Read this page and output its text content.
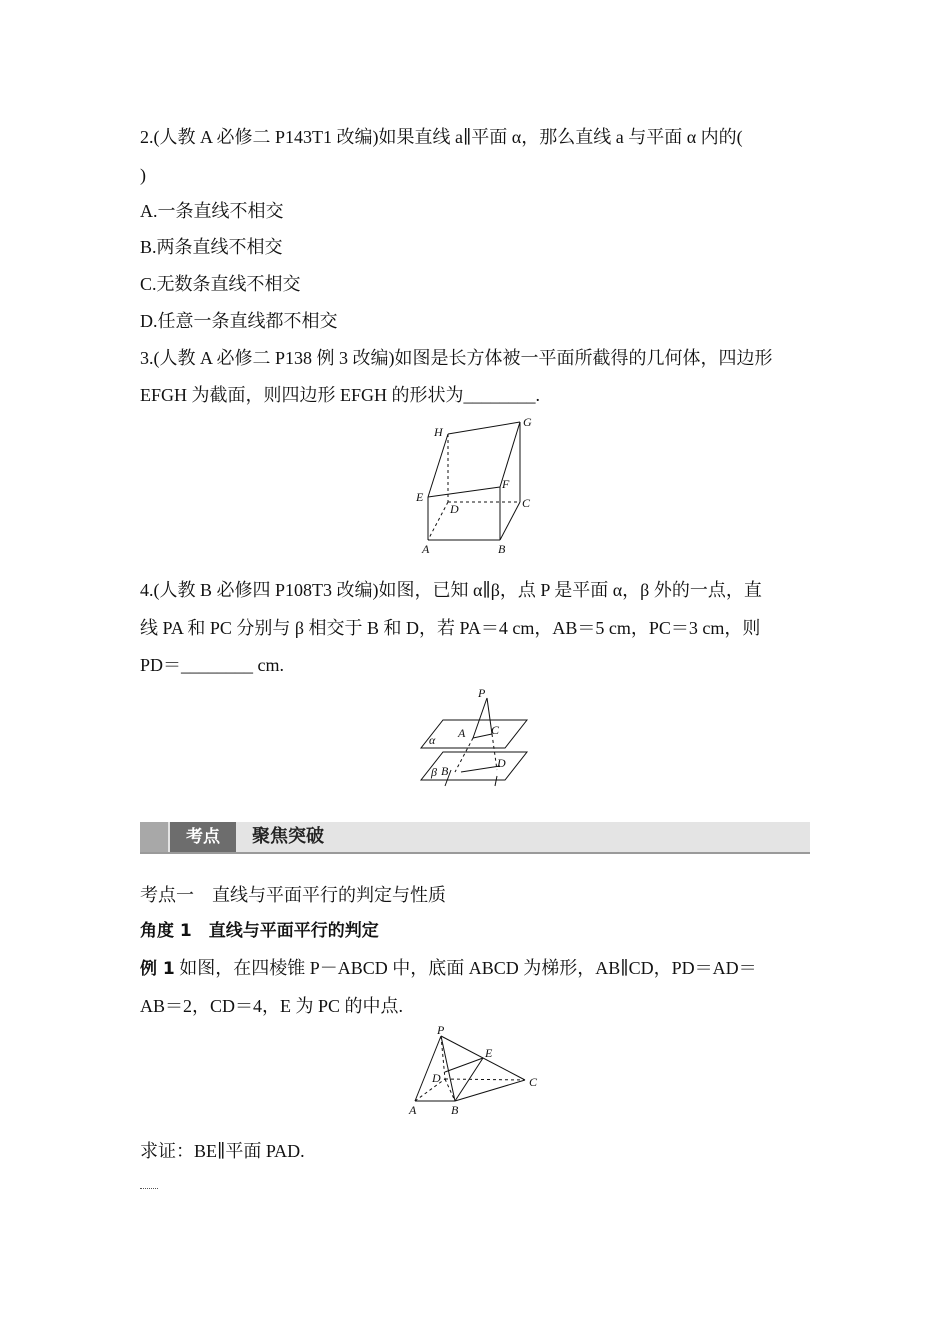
2.(人教 A 必修二 P143T1 改编)如果直线 a∥平面 α，那么直线 a 与平面 α 内的(
)
A.一条直线不相交
B.两条直线不相交
C.无数条直线不相交
D.任意一条直线都不相交
3.(人教 A 必修二 P138 例 3 改编)如图是长方体被一平面所截得的几何体，四边形
EFGH 为截面，则四边形 EFGH 的形状为________.
H
G
E
F
D	C
A	B
4.(人教 B 必修四 P108T3 改编)如图，已知 α∥β，点 P 是平面 α，β 外的一点，直
线 PA 和 PC 分别与 β 相交于 B 和 D，若 PA＝4 cm，AB＝5 cm，PC＝3 cm，则
PD＝________ cm.
P
A C
α
β B
D
考点	聚焦突破
考点一　直线与平面平行的判定与性质
角度 1　直线与平面平行的判定
例 1 如图，在四棱锥 P－ABCD 中，底面 ABCD 为梯形，AB∥CD，PD＝AD＝
AB＝2，CD＝4，E 为 PC 的中点.
P
E
D	C
A	B
求证：BE∥平面 PAD.
